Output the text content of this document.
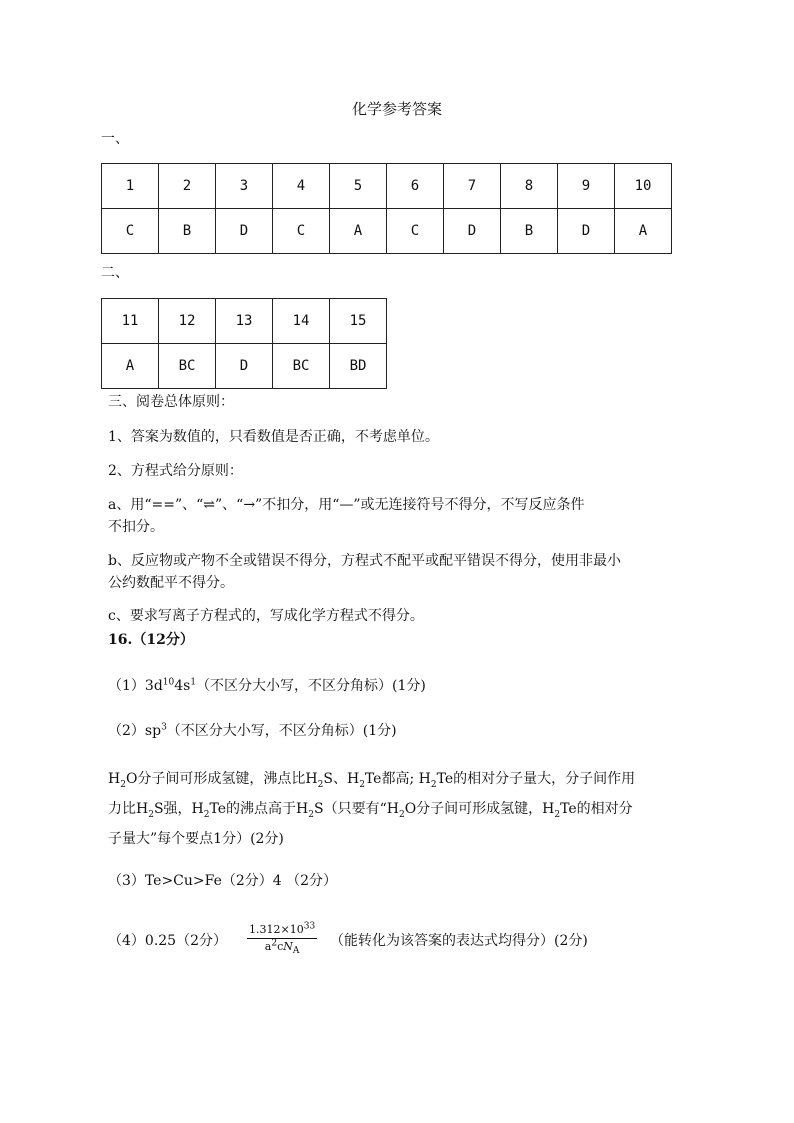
化学参考答案
一、
1	2	3	4	5	6	7	8	9	10
C	B	D	C	A	C	D	B	D	A
二、
11	12	13	14	15
A	BC	D	BC	BD
三、阅卷总体原则：
1、答案为数值的，只看数值是否正确，不考虑单位。
2、方程式给分原则：
a、用“==”、“⇌”、“→”不扣分，用“—”或无连接符号不得分，不写反应条件
不扣分。
b、反应物或产物不全或错误不得分，方程式不配平或配平错误不得分，使用非最小
公约数配平不得分。
c、要求写离子方程式的，写成化学方程式不得分。
16.（12分）
$(1)3d^{10}4s^1$（不区分大小写，不区分角标）(1分)
$(2)sp^3$（不区分大小写，不区分角标）(1分)
$H_2O$分子间可形成氢键，沸点比$H_2S$、$H_2Te$都高; $H_2Te$的相对分子量大，分子间作用
力比$H_2S$强，$H_2Te$的沸点高于$H_2S$（只要有“$H_2O$分子间可形成氢键，$H_2Te$的相对分
子量大”每个要点1分）(2分)
（3）Te>Cu>Fe（2分）4 （2分）
（4）0.25（2分）
$1.312\times 10^{33}$
$a^2cN_A$
（能转化为该答案的表达式均得分）(2分)
